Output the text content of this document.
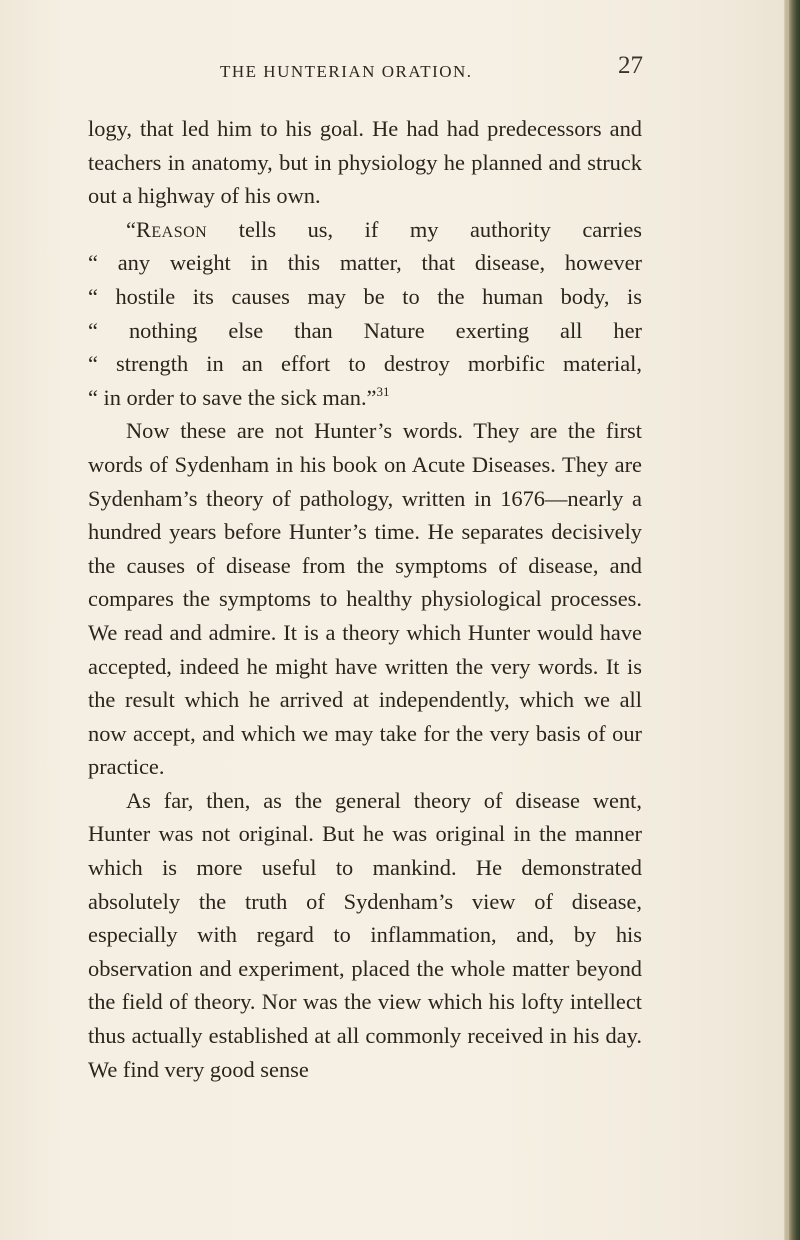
THE HUNTERIAN ORATION.	27

logy, that led him to his goal. He had had predecessors and teachers in anatomy, but in physiology he planned and struck out a highway of his own.

“Reason tells us, if my authority carries
“ any weight in this matter, that disease, however
“ hostile its causes may be to the human body, is
“ nothing else than Nature exerting all her
“ strength in an effort to destroy morbific material,
“ in order to save the sick man.”$^{31}$

Now these are not Hunter’s words. They are the first words of Sydenham in his book on Acute Diseases. They are Sydenham’s theory of pathology, written in 1676—nearly a hundred years before Hunter’s time. He separates decisively the causes of disease from the symptoms of disease, and compares the symptoms to healthy physiological processes. We read and admire. It is a theory which Hunter would have accepted, indeed he might have written the very words. It is the result which he arrived at independently, which we all now accept, and which we may take for the very basis of our practice.

As far, then, as the general theory of disease went, Hunter was not original. But he was original in the manner which is more useful to mankind. He demonstrated absolutely the truth of Sydenham’s view of disease, especially with regard to inflammation, and, by his observation and experiment, placed the whole matter beyond the field of theory. Nor was the view which his lofty intellect thus actually established at all commonly received in his day. We find very good sense
